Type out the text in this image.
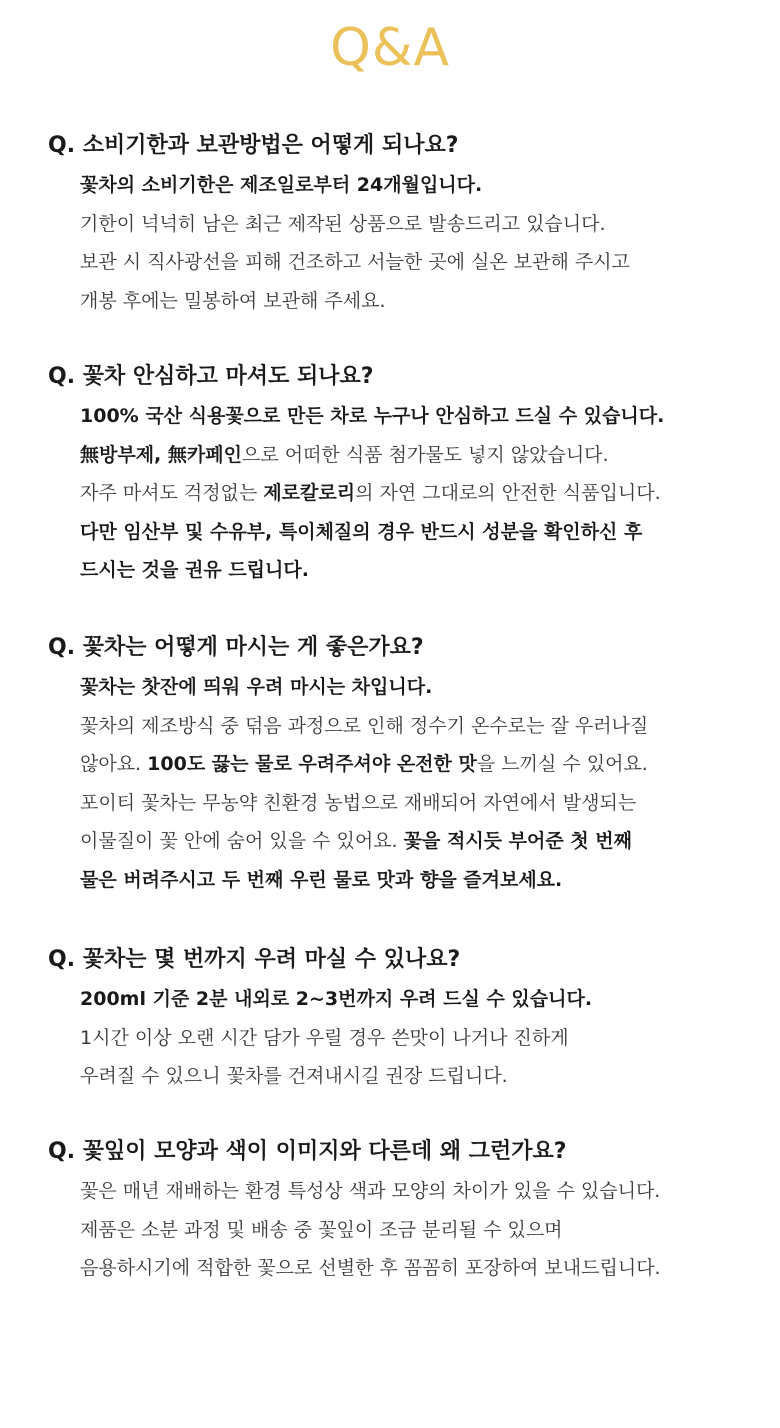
Q&A
Q. 소비기한과 보관방법은 어떻게 되나요?
꽃차의 소비기한은 제조일로부터 24개월입니다.
기한이 넉넉히 남은 최근 제작된 상품으로 발송드리고 있습니다.
보관 시 직사광선을 피해 건조하고 서늘한 곳에 실온 보관해 주시고
개봉 후에는 밀봉하여 보관해 주세요.
Q. 꽃차 안심하고 마셔도 되나요?
100% 국산 식용꽃으로 만든 차로 누구나 안심하고 드실 수 있습니다.
無방부제, 無카페인으로 어떠한 식품 첨가물도 넣지 않았습니다.
자주 마셔도 걱정없는 제로칼로리의 자연 그대로의 안전한 식품입니다.
다만 임산부 및 수유부, 특이체질의 경우 반드시 성분을 확인하신 후
드시는 것을 권유 드립니다.
Q. 꽃차는 어떻게 마시는 게 좋은가요?
꽃차는 찻잔에 띄워 우려 마시는 차입니다.
꽃차의 제조방식 중 덖음 과정으로 인해 정수기 온수로는 잘 우러나질
않아요. 100도 끓는 물로 우려주셔야 온전한 맛을 느끼실 수 있어요.
포이티 꽃차는 무농약 친환경 농법으로 재배되어 자연에서 발생되는
이물질이 꽃 안에 숨어 있을 수 있어요. 꽃을 적시듯 부어준 첫 번째
물은 버려주시고 두 번째 우린 물로 맛과 향을 즐겨보세요.
Q. 꽃차는 몇 번까지 우려 마실 수 있나요?
200ml 기준 2분 내외로 2~3번까지 우려 드실 수 있습니다.
1시간 이상 오랜 시간 담가 우릴 경우 쓴맛이 나거나 진하게
우려질 수 있으니 꽃차를 건져내시길 권장 드립니다.
Q. 꽃잎이 모양과 색이 이미지와 다른데 왜 그런가요?
꽃은 매년 재배하는 환경 특성상 색과 모양의 차이가 있을 수 있습니다.
제품은 소분 과정 및 배송 중 꽃잎이 조금 분리될 수 있으며
음용하시기에 적합한 꽃으로 선별한 후 꼼꼼히 포장하여 보내드립니다.
